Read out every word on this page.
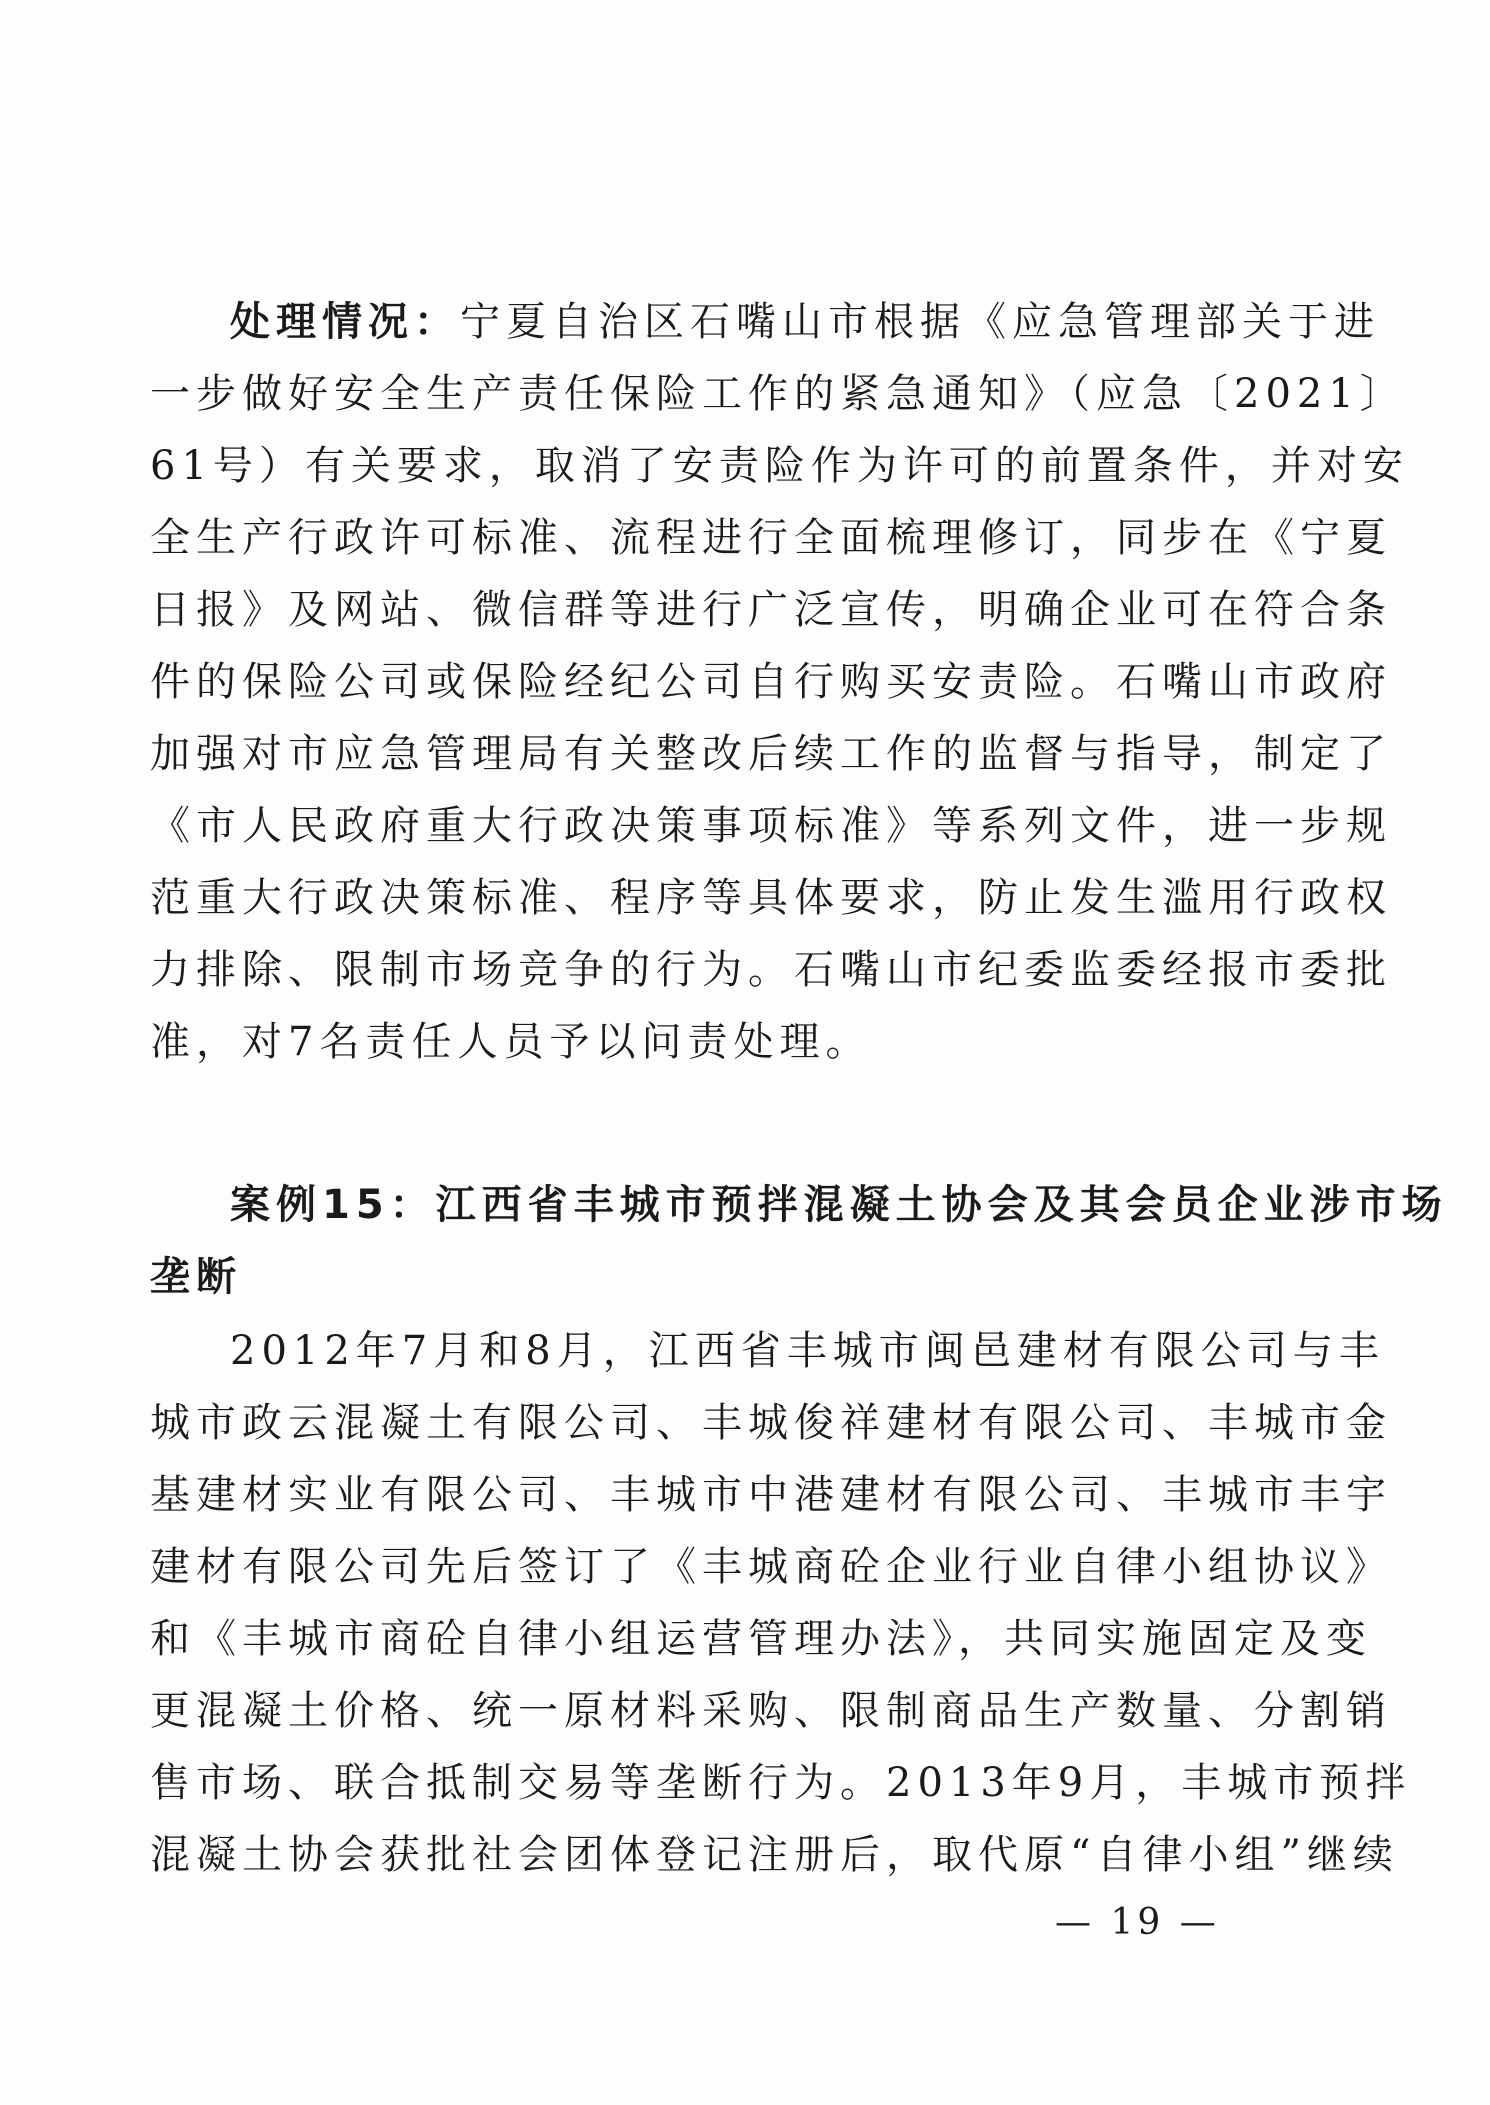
处理情况：宁夏自治区石嘴山市根据《应急管理部关于进
一步做好安全生产责任保险工作的紧急通知》（应急〔2021〕
61号）有关要求，取消了安责险作为许可的前置条件，并对安
全生产行政许可标准、流程进行全面梳理修订，同步在《宁夏
日报》及网站、微信群等进行广泛宣传，明确企业可在符合条
件的保险公司或保险经纪公司自行购买安责险。石嘴山市政府
加强对市应急管理局有关整改后续工作的监督与指导，制定了
《市人民政府重大行政决策事项标准》等系列文件，进一步规
范重大行政决策标准、程序等具体要求，防止发生滥用行政权
力排除、限制市场竞争的行为。石嘴山市纪委监委经报市委批
准，对7名责任人员予以问责处理。
案例15：江西省丰城市预拌混凝土协会及其会员企业涉市场
垄断
2012年7月和8月，江西省丰城市闽邑建材有限公司与丰
城市政云混凝土有限公司、丰城俊祥建材有限公司、丰城市金
基建材实业有限公司、丰城市中港建材有限公司、丰城市丰宇
建材有限公司先后签订了《丰城商砼企业行业自律小组协议》
和《丰城市商砼自律小组运营管理办法》，共同实施固定及变
更混凝土价格、统一原材料采购、限制商品生产数量、分割销
售市场、联合抵制交易等垄断行为。2013年9月，丰城市预拌
混凝土协会获批社会团体登记注册后，取代原“自律小组”继续
— 19 —
